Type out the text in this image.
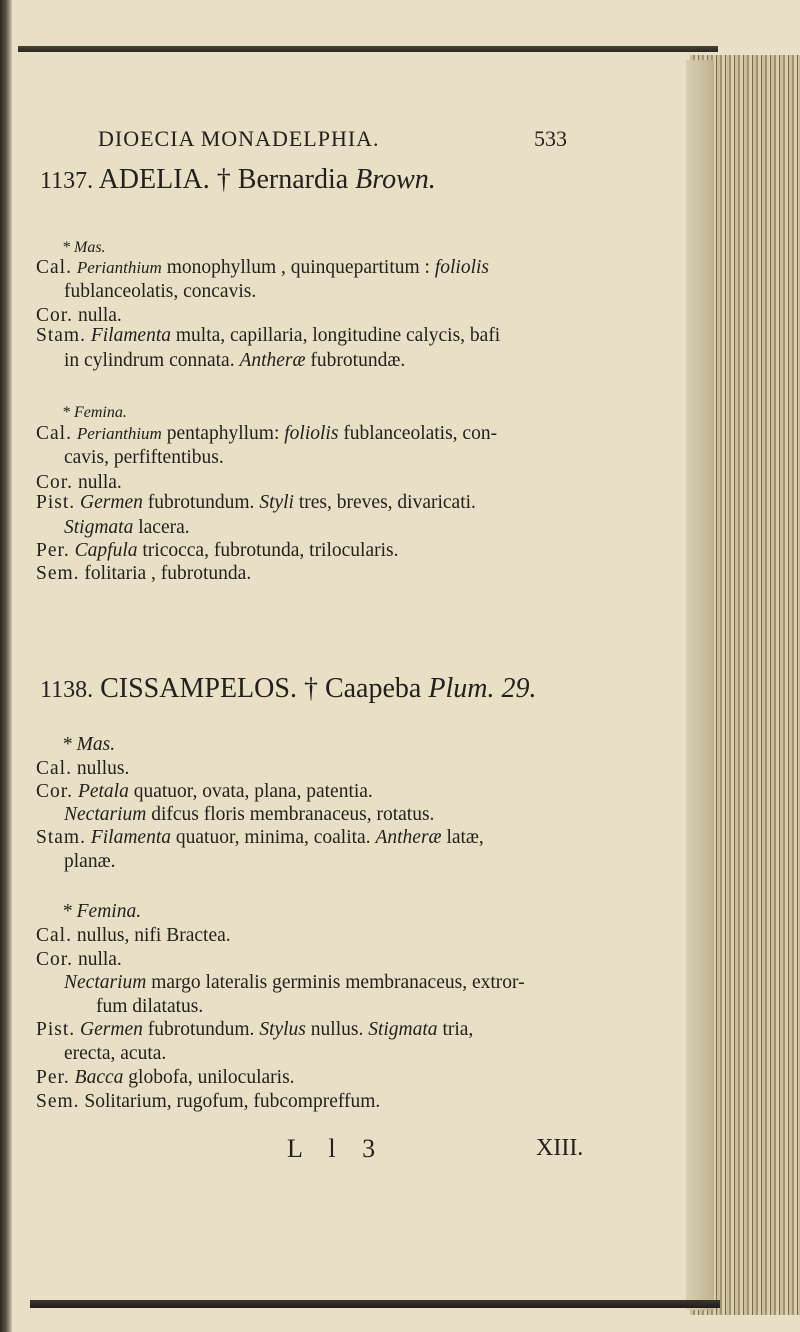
DIOECIA MONADELPHIA.	533
1137. ADELIA. † Bernardia Brown.
* Mas.
Cal. Perianthium monophyllum , quinquepartitum : foliolis
fublanceolatis, concavis.
Cor. nulla.
Stam. Filamenta multa, capillaria, longitudine calycis, bafi
in cylindrum connata. Antheræ fubrotundæ.
* Femina.
Cal. Perianthium pentaphyllum: foliolis fublanceolatis, con-
cavis, perfiftentibus.
Cor. nulla.
Pist. Germen fubrotundum. Styli tres, breves, divaricati.
Stigmata lacera.
Per. Capfula tricocca, fubrotunda, trilocularis.
Sem. folitaria , fubrotunda.
1138. CISSAMPELOS. † Caapeba Plum. 29.
* Mas.
Cal. nullus.
Cor. Petala quatuor, ovata, plana, patentia.
Nectarium difcus floris membranaceus, rotatus.
Stam. Filamenta quatuor, minima, coalita. Antheræ latæ,
planæ.
* Femina.
Cal. nullus, nifi Bractea.
Cor. nulla.
Nectarium margo lateralis germinis membranaceus, extror-
fum dilatatus.
Pist. Germen fubrotundum. Stylus nullus. Stigmata tria,
erecta, acuta.
Per. Bacca globofa, unilocularis.
Sem. Solitarium, rugofum, fubcompreffum.
L l 3	XIII.
